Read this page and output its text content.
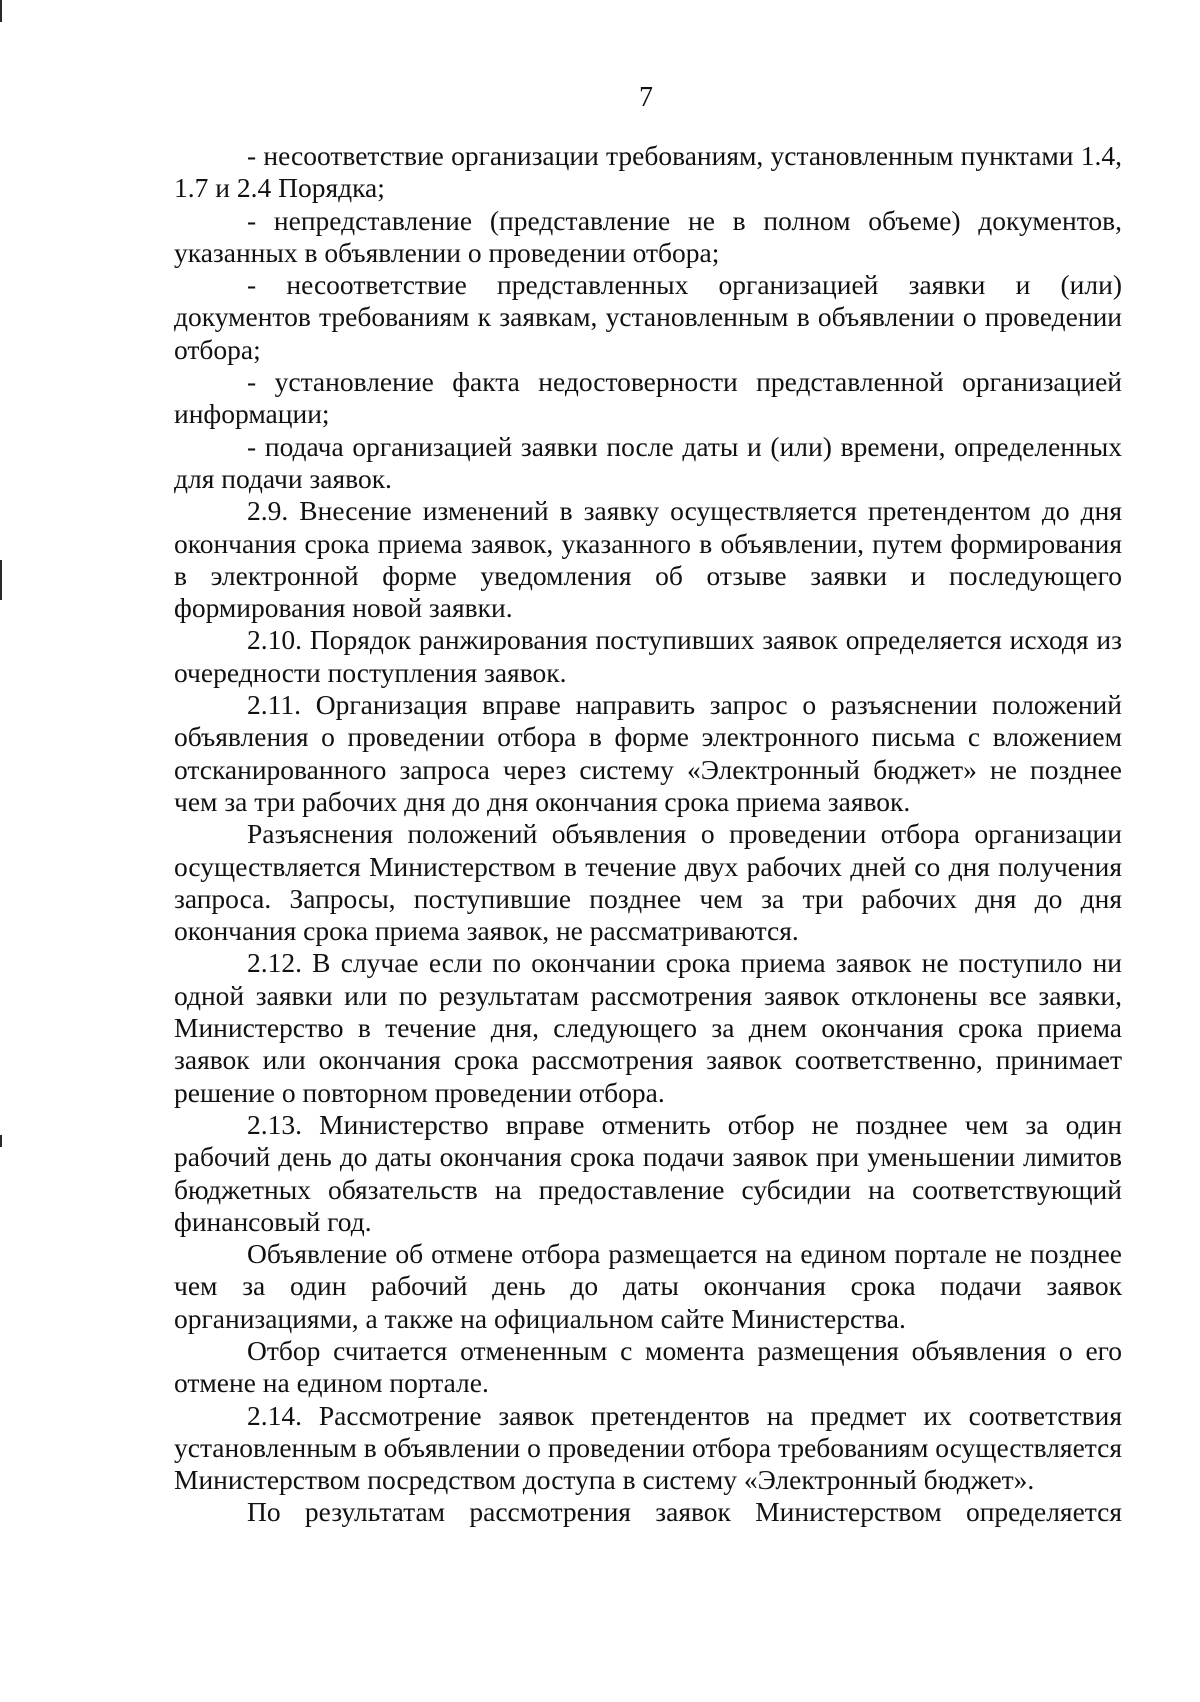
7

- несоответствие организации требованиям, установленным пунктами 1.4, 1.7 и 2.4 Порядка;

- непредставление (представление не в полном объеме) документов, указанных в объявлении о проведении отбора;

- несоответствие представленных организацией заявки и (или) документов требованиям к заявкам, установленным в объявлении о проведении отбора;

- установление факта недостоверности представленной организацией информации;

- подача организацией заявки после даты и (или) времени, определенных для подачи заявок.

2.9. Внесение изменений в заявку осуществляется претендентом до дня окончания срока приема заявок, указанного в объявлении, путем формирования в электронной форме уведомления об отзыве заявки и последующего формирования новой заявки.

2.10. Порядок ранжирования поступивших заявок определяется исходя из очередности поступления заявок.

2.11. Организация вправе направить запрос о разъяснении положений объявления о проведении отбора в форме электронного письма с вложением отсканированного запроса через систему «Электронный бюджет» не позднее чем за три рабочих дня до дня окончания срока приема заявок.

Разъяснения положений объявления о проведении отбора организации осуществляется Министерством в течение двух рабочих дней со дня получения запроса. Запросы, поступившие позднее чем за три рабочих дня до дня окончания срока приема заявок, не рассматриваются.

2.12. В случае если по окончании срока приема заявок не поступило ни одной заявки или по результатам рассмотрения заявок отклонены все заявки, Министерство в течение дня, следующего за днем окончания срока приема заявок или окончания срока рассмотрения заявок соответственно, принимает решение о повторном проведении отбора.

2.13. Министерство вправе отменить отбор не позднее чем за один рабочий день до даты окончания срока подачи заявок при уменьшении лимитов бюджетных обязательств на предоставление субсидии на соответствующий финансовый год.

Объявление об отмене отбора размещается на едином портале не позднее чем за один рабочий день до даты окончания срока подачи заявок организациями, а также на официальном сайте Министерства.

Отбор считается отмененным с момента размещения объявления о его отмене на едином портале.

2.14. Рассмотрение заявок претендентов на предмет их соответствия установленным в объявлении о проведении отбора требованиям осуществляется Министерством посредством доступа в систему «Электронный бюджет».

По результатам рассмотрения заявок Министерством определяется
